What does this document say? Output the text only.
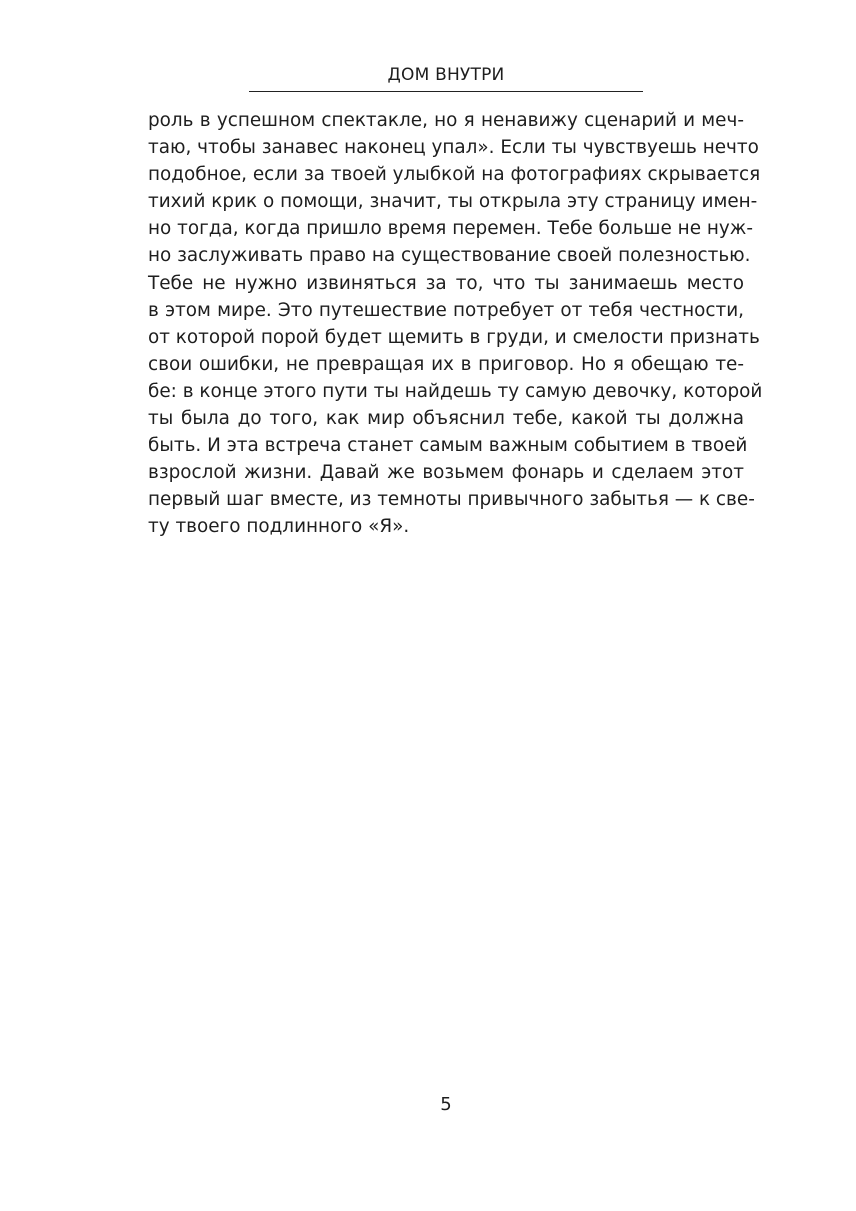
ДОМ ВНУТРИ
роль в успешном спектакле, но я ненавижу сценарий и меч-
таю, чтобы занавес наконец упал». Если ты чувствуешь нечто
подобное, если за твоей улыбкой на фотографиях скрывается
тихий крик о помощи, значит, ты открыла эту страницу имен-
но тогда, когда пришло время перемен. Тебе больше не нуж-
но заслуживать право на существование своей полезностью.
Тебе не нужно извиняться за то, что ты занимаешь место
в этом мире. Это путешествие потребует от тебя честности,
от которой порой будет щемить в груди, и смелости признать
свои ошибки, не превращая их в приговор. Но я обещаю те-
бе: в конце этого пути ты найдешь ту самую девочку, которой
ты была до того, как мир объяснил тебе, какой ты должна
быть. И эта встреча станет самым важным событием в твоей
взрослой жизни. Давай же возьмем фонарь и сделаем этот
первый шаг вместе, из темноты привычного забытья — к све-
ту твоего подлинного «Я».
5
